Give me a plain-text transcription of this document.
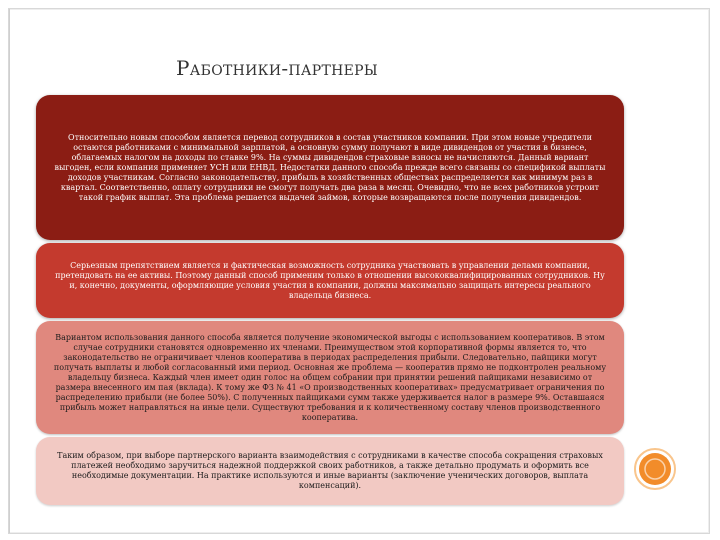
Работники-партнеры

Относительно новым способом является перевод сотрудников в состав участников компании. При этом новые учредители остаются работниками с минимальной зарплатой, а основную сумму получают в виде дивидендов от участия в бизнесе, облагаемых налогом на доходы по ставке 9%. На суммы дивидендов страховые взносы не начисляются. Данный вариант выгоден, если компания применяет УСН или ЕНВД. Недостатки данного способа прежде всего связаны со спецификой выплаты доходов участникам. Согласно законодательству, прибыль в хозяйственных обществах распределяется как минимум раз в квартал. Соответственно, оплату сотрудники не смогут получать два раза в месяц. Очевидно, что не всех работников устроит такой график выплат. Эта проблема решается выдачей займов, которые возвращаются после получения дивидендов.

Серьезным препятствием является и фактическая возможность сотрудника участвовать в управлении делами компании, претендовать на ее активы. Поэтому данный способ применим только в отношении высококвалифицированных сотрудников. Ну и, конечно, документы, оформляющие условия участия в компании, должны максимально защищать интересы реального владельца бизнеса.

Вариантом использования данного способа является получение экономической выгоды с использованием кооперативов. В этом случае сотрудники становятся одновременно их членами. Преимуществом этой корпоративной формы является то, что законодательство не ограничивает членов кооператива в периодах распределения прибыли. Следовательно, пайщики могут получать выплаты и любой согласованный ими период. Основная же проблема — кооператив прямо не подконтролен реальному владельцу бизнеса. Каждый член имеет один голос на общем собрании при принятии решений пайщиками независимо от размера внесенного им пая (вклада). К тому же ФЗ № 41 «О производственных кооперативах» предусматривает ограничения по распределению прибыли (не более 50%). С полученных пайщиками сумм также удерживается налог в размере 9%. Оставшаяся прибыль может направляться на иные цели. Существуют требования и к количественному составу членов производственного кооператива.

Таким образом, при выборе партнерского варианта взаимодействия с сотрудниками в качестве способа сокращения страховых платежей необходимо заручиться надежной поддержкой своих работников, а также детально продумать и оформить все необходимые документации. На практике используются и иные варианты (заключение ученических договоров, выплата компенсаций).
